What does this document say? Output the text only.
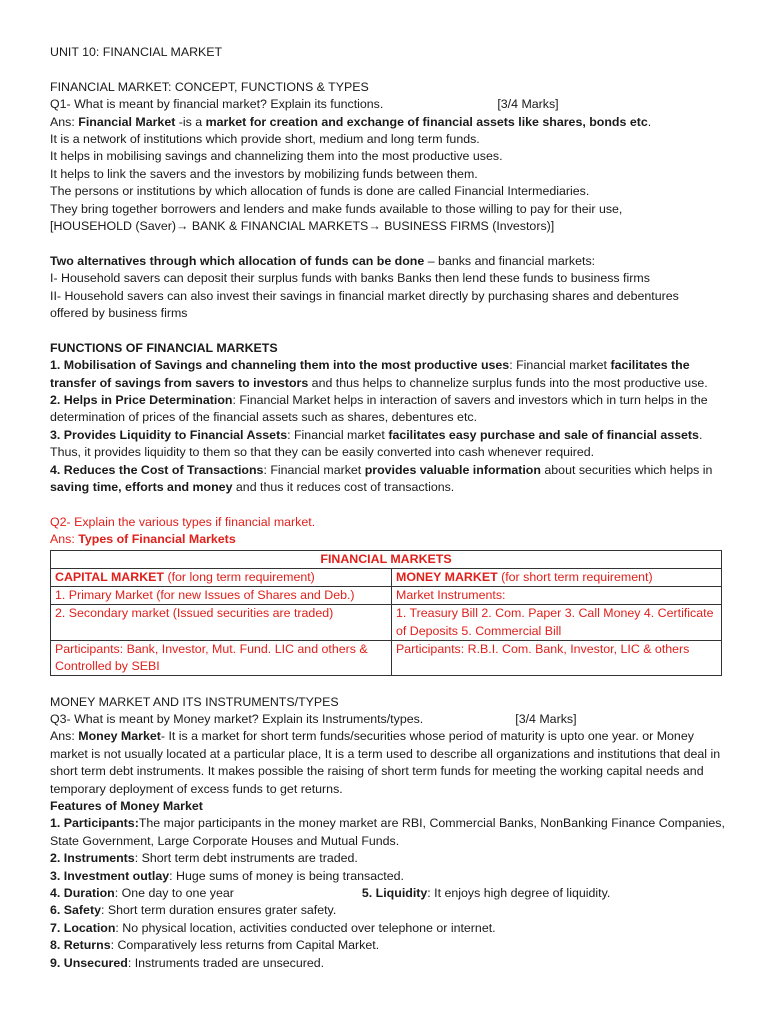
UNIT 10: FINANCIAL MARKET

FINANCIAL MARKET: CONCEPT, FUNCTIONS & TYPES

Q1- What is meant by financial market? Explain its functions.	[3/4 Marks]

Ans: Financial Market -is a market for creation and exchange of financial assets like shares, bonds etc.

It is a network of institutions which provide short, medium and long term funds.

It helps in mobilising savings and channelizing them into the most productive uses.

It helps to link the savers and the investors by mobilizing funds between them.

The persons or institutions by which allocation of funds is done are called Financial Intermediaries.

They bring together borrowers and lenders and make funds available to those willing to pay for their use,

[HOUSEHOLD (Saver)→ BANK & FINANCIAL MARKETS→ BUSINESS FIRMS (Investors)]

Two alternatives through which allocation of funds can be done – banks and financial markets:

I- Household savers can deposit their surplus funds with banks Banks then lend these funds to business firms

II- Household savers can also invest their savings in financial market directly by purchasing shares and debentures

offered by business firms

FUNCTIONS OF FINANCIAL MARKETS

1. Mobilisation of Savings and channeling them into the most productive uses: Financial market facilitates the transfer of savings from savers to investors and thus helps to channelize surplus funds into the most productive use.

2. Helps in Price Determination: Financial Market helps in interaction of savers and investors which in turn helps in the determination of prices of the financial assets such as shares, debentures etc.

3. Provides Liquidity to Financial Assets: Financial market facilitates easy purchase and sale of financial assets. Thus, it provides liquidity to them so that they can be easily converted into cash whenever required.

4. Reduces the Cost of Transactions: Financial market provides valuable information about securities which helps in saving time, efforts and money and thus it reduces cost of transactions.

Q2- Explain the various types if financial market.

Ans: Types of Financial Markets

FINANCIAL MARKETS	
CAPITAL MARKET (for long term requirement)	MONEY MARKET (for short term requirement)
1. Primary Market (for new Issues of Shares and Deb.)	Market Instruments:
2. Secondary market (Issued securities are traded)	1. Treasury Bill 2. Com. Paper 3. Call Money 4. Certificate of Deposits 5. Commercial Bill
Participants: Bank, Investor, Mut. Fund. LIC and others & Controlled by SEBI	Participants: R.B.I. Com. Bank, Investor, LIC & others

MONEY MARKET AND ITS INSTRUMENTS/TYPES

Q3- What is meant by Money market? Explain its Instruments/types.	[3/4 Marks]

Ans: Money Market- It is a market for short term funds/securities whose period of maturity is upto one year. or Money market is not usually located at a particular place, It is a term used to describe all organizations and institutions that deal in short term debt instruments. It makes possible the raising of short term funds for meeting the working capital needs and temporary deployment of excess funds to get returns.

Features of Money Market

1. Participants:The major participants in the money market are RBI, Commercial Banks, NonBanking Finance Companies, State Government, Large Corporate Houses and Mutual Funds.

2. Instruments: Short term debt instruments are traded.

3. Investment outlay: Huge sums of money is being transacted.

4. Duration: One day to one year	5. Liquidity: It enjoys high degree of liquidity.

6. Safety: Short term duration ensures grater safety.

7. Location: No physical location, activities conducted over telephone or internet.

8. Returns: Comparatively less returns from Capital Market.

9. Unsecured: Instruments traded are unsecured.
